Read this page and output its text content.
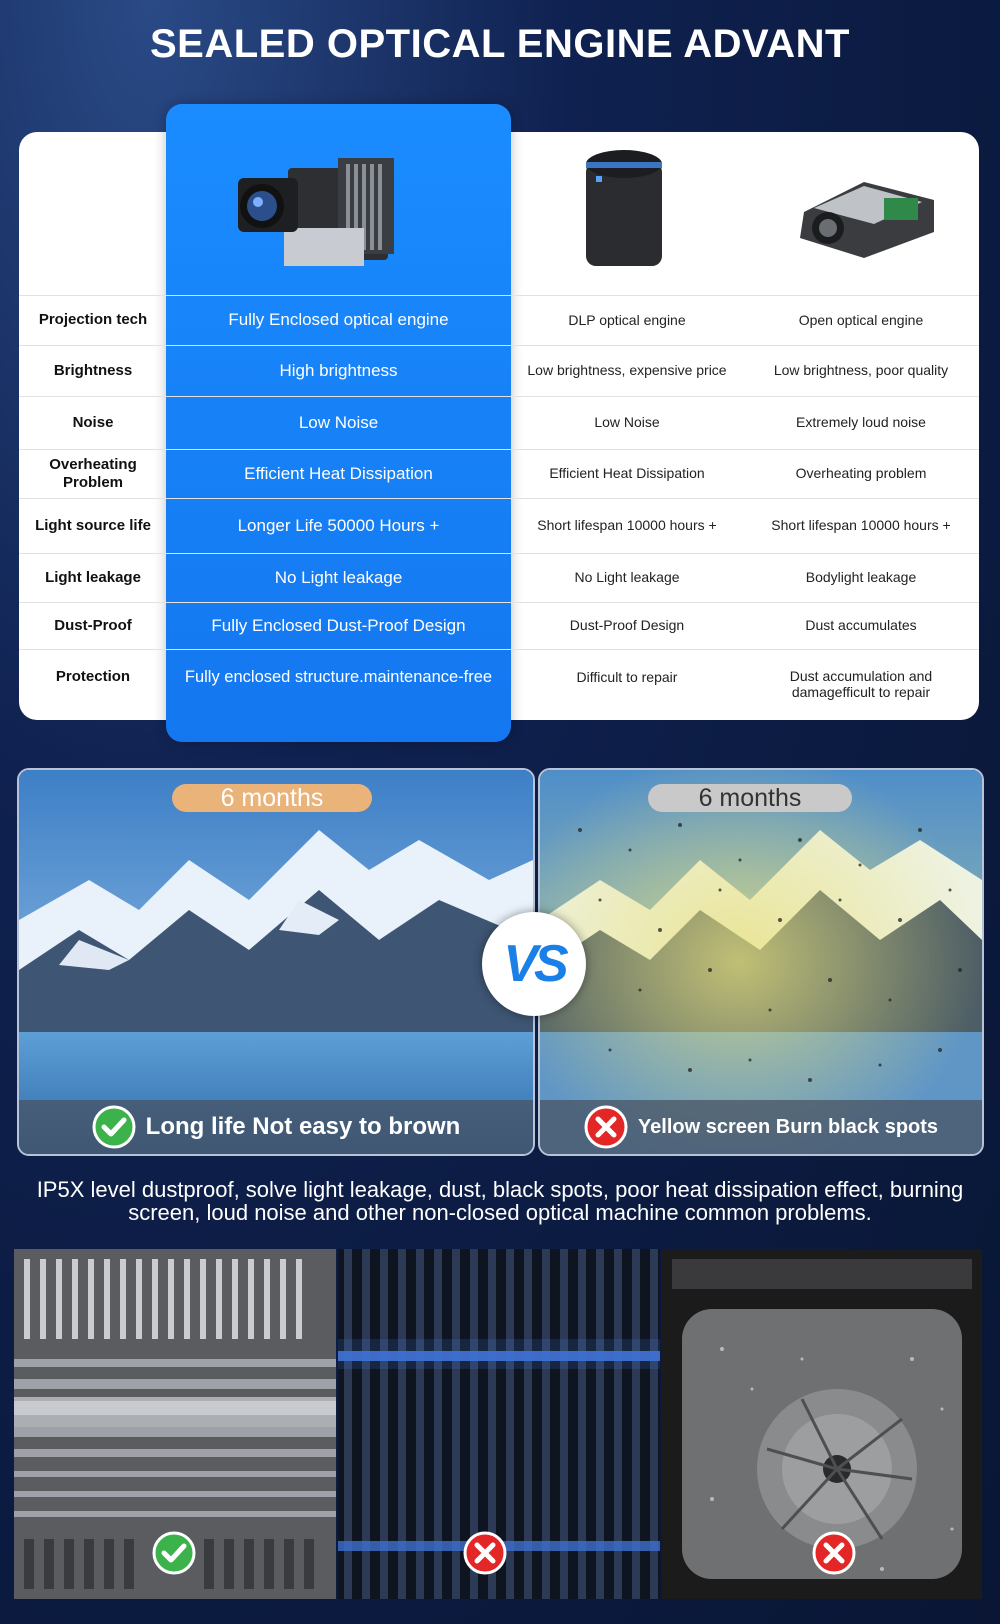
SEALED OPTICAL ENGINE ADVANT
Projection tech	Fully Enclosed optical engine	DLP optical engine	Open optical engine
Brightness	High brightness	Low brightness, expensive price	Low brightness, poor quality
Noise	Low Noise	Low Noise	Extremely loud noise
Overheating Problem	Efficient Heat Dissipation	Efficient Heat Dissipation	Overheating problem
Light source life	Longer Life 50000 Hours +	Short lifespan 10000 hours +	Short lifespan 10000 hours +
Light leakage	No Light leakage	No Light leakage	Bodylight leakage
Dust-Proof	Fully Enclosed Dust-Proof Design	Dust-Proof Design	Dust accumulates
Protection	Fully enclosed structure.maintenance-free	Difficult to repair	Dust accumulation and damagefficult to repair
6 months
Long life Not easy to brown
6 months
Yellow screen Burn black spots
VS
IP5X level dustproof, solve light leakage, dust, black spots, poor heat dissipation effect, burning screen, loud noise and other non-closed optical machine common problems.
